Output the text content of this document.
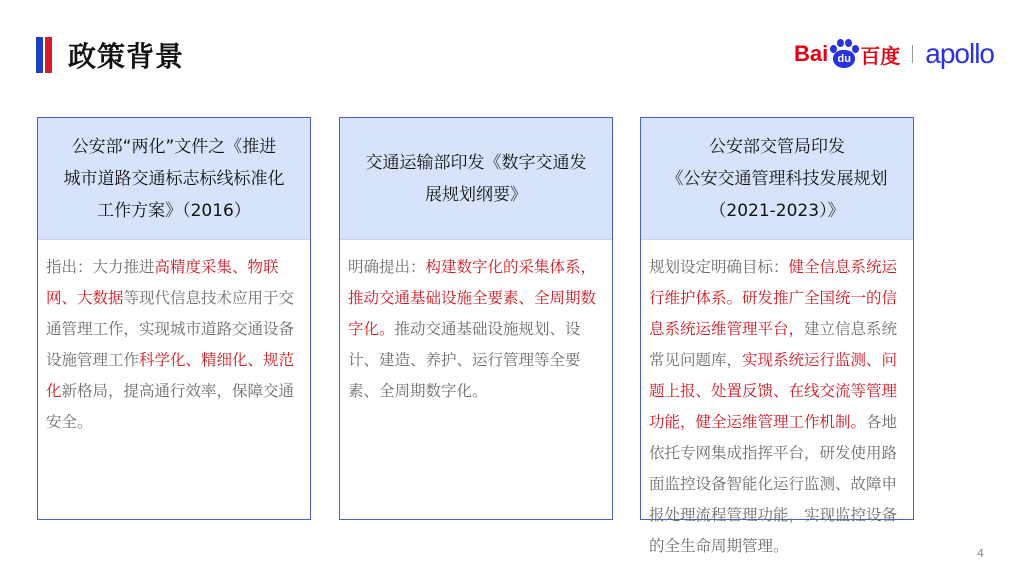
政策背景	Bai du 百度 apollo
公安部“两化”文件之《推进
城市道路交通标志标线标准化
工作方案》（2016）
指出：大力推进高精度采集、物联网、大数据等现代信息技术应用于交通管理工作，实现城市道路交通设备设施管理工作科学化、精细化、规范化新格局，提高通行效率，保障交通安全。
交通运输部印发《数字交通发
展规划纲要》
明确提出：构建数字化的采集体系，推动交通基础设施全要素、全周期数字化。推动交通基础设施规划、设计、建造、养护、运行管理等全要素、全周期数字化。
公安部交管局印发
《公安交通管理科技发展规划
（2021-2023）》
规划设定明确目标：健全信息系统运行维护体系。研发推广全国统一的信息系统运维管理平台，建立信息系统常见问题库，实现系统运行监测、问题上报、处置反馈、在线交流等管理功能，健全运维管理工作机制。各地依托专网集成指挥平台，研发使用路面监控设备智能化运行监测、故障申报处理流程管理功能，实现监控设备的全生命周期管理。	4
